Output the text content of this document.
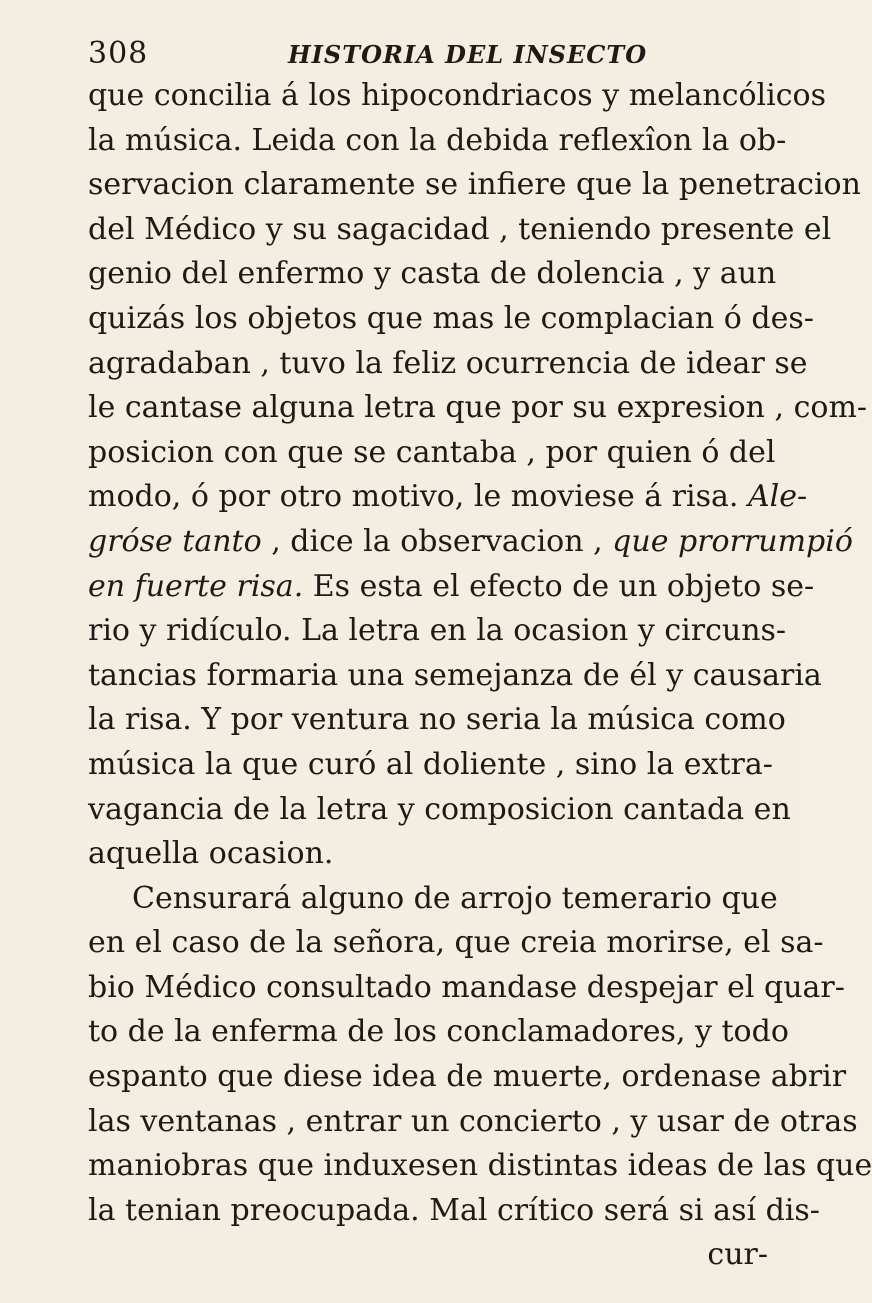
308	HISTORIA DEL INSECTO
que concilia á los hipocondriacos y melancólicos
la música. Leida con la debida reflexîon la ob-
servacion claramente se infiere que la penetracion
del Médico y su sagacidad , teniendo presente el
genio del enfermo y casta de dolencia , y aun
quizás los objetos que mas le complacian ó des-
agradaban , tuvo la feliz ocurrencia de idear se
le cantase alguna letra que por su expresion , com-
posicion con que se cantaba , por quien ó del
modo, ó por otro motivo, le moviese á risa. Ale-
gróse tanto , dice la observacion , que prorrumpió
en fuerte risa. Es esta el efecto de un objeto se-
rio y ridículo. La letra en la ocasion y circuns-
tancias formaria una semejanza de él y causaria
la risa. Y por ventura no seria la música como
música la que curó al doliente , sino la extra-
vagancia de la letra y composicion cantada en
aquella ocasion.
Censurará alguno de arrojo temerario que
en el caso de la señora, que creia morirse, el sa-
bio Médico consultado mandase despejar el quar-
to de la enferma de los conclamadores, y todo
espanto que diese idea de muerte, ordenase abrir
las ventanas , entrar un concierto , y usar de otras
maniobras que induxesen distintas ideas de las que
la tenian preocupada. Mal crítico será si así dis-
cur-
